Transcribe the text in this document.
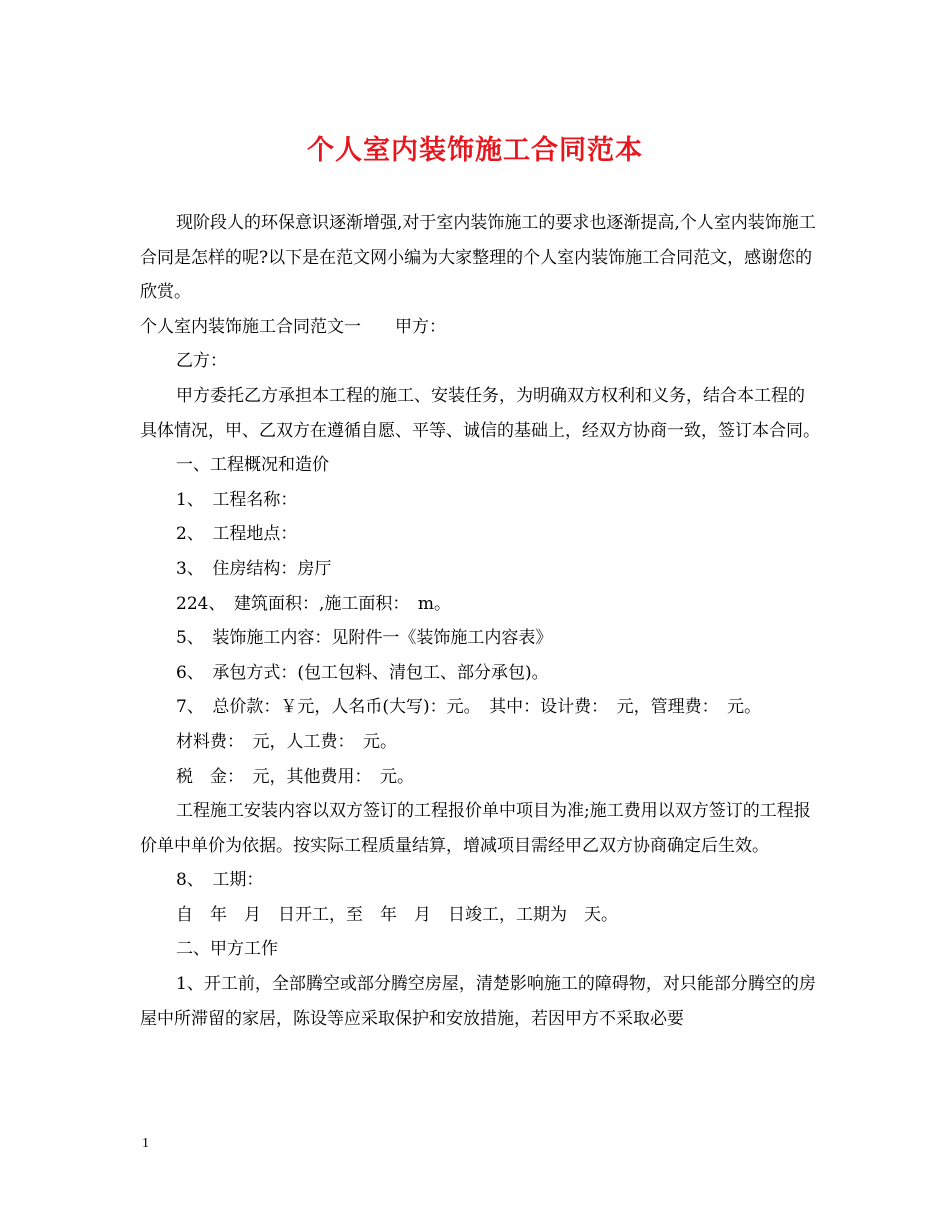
个人室内装饰施工合同范本

现阶段人的环保意识逐渐增强,对于室内装饰施工的要求也逐渐提高,个人室内装饰施工合同是怎样的呢?以下是在范文网小编为大家整理的个人室内装饰施工合同范文，感谢您的欣赏。

个人室内装饰施工合同范文一　　甲方：

乙方：

甲方委托乙方承担本工程的施工、安装任务，为明确双方权利和义务，结合本工程的具体情况，甲、乙双方在遵循自愿、平等、诚信的基础上，经双方协商一致，签订本合同。

一、工程概况和造价

1、　工程名称：

2、　工程地点：

3、　住房结构：房厅

224、　建筑面积：,施工面积：　m。

5、　装饰施工内容：见附件一《装饰施工内容表》

6、　承包方式：(包工包料、清包工、部分承包)。

7、　总价款：￥元，人名币(大写)：元。　其中：设计费：　元，管理费：　元。

材料费：　元，人工费：　元。

税　金：　元，其他费用：　元。

工程施工安装内容以双方签订的工程报价单中项目为准;施工费用以双方签订的工程报价单中单价为依据。按实际工程质量结算，增减项目需经甲乙双方协商确定后生效。

8、　工期：

自　年　月　日开工，至　年　月　日竣工，工期为　天。

二、甲方工作

1、开工前，全部腾空或部分腾空房屋，清楚影响施工的障碍物，对只能部分腾空的房屋中所滞留的家居，陈设等应采取保护和安放措施，若因甲方不采取必要

1
